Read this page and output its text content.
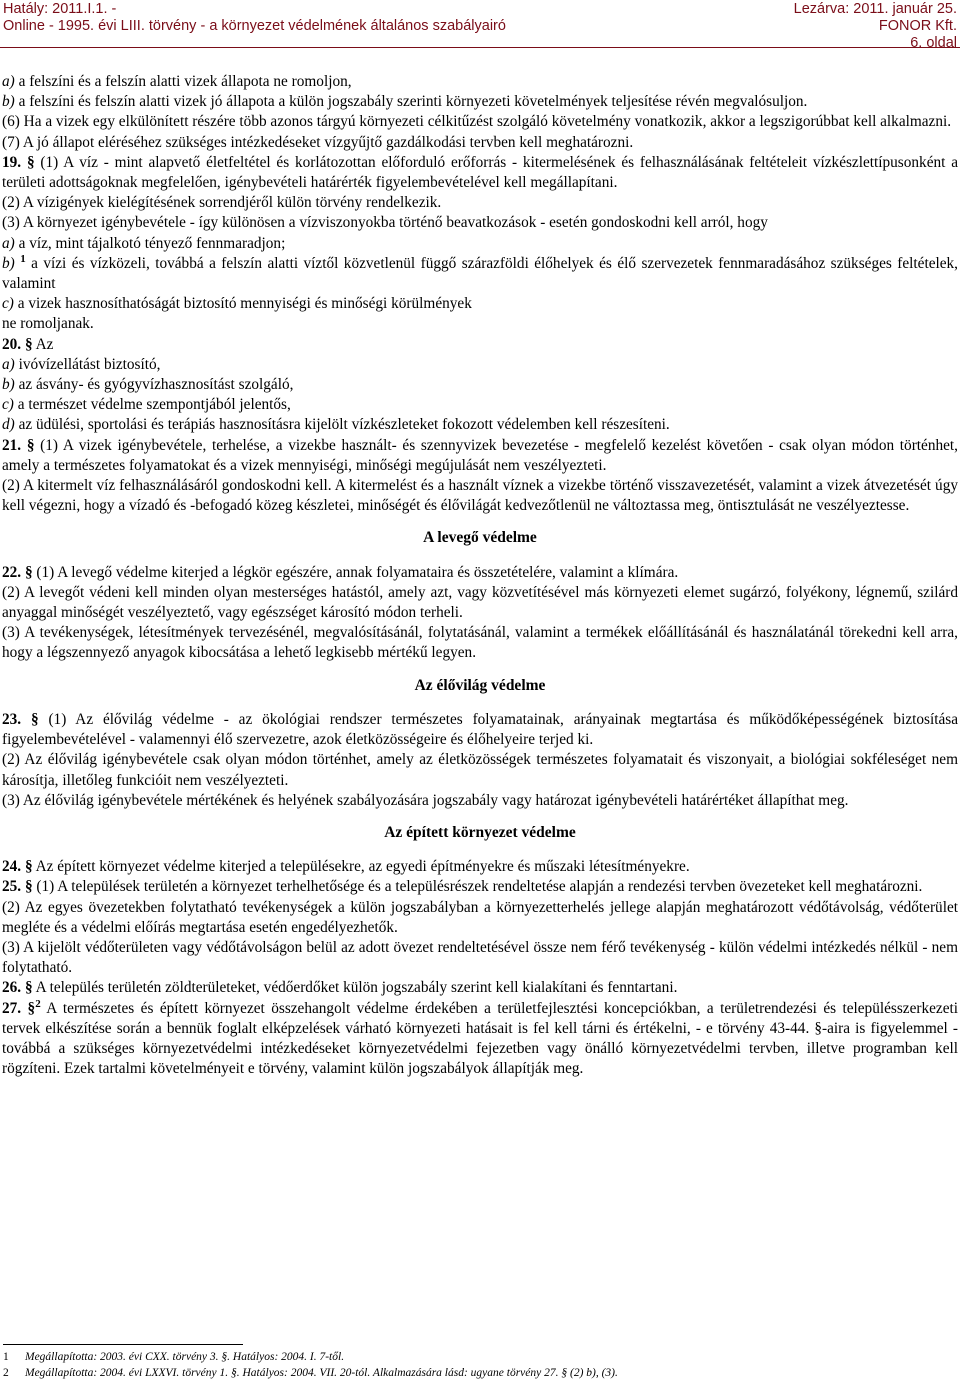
Hatály: 2011.I.1. -
Online - 1995. évi LIII. törvény - a környezet védelmének általános szabályairó
Lezárva: 2011. január 25.
FONOR Kft.
6. oldal

a) a felszíni és a felszín alatti vizek állapota ne romoljon,

b) a felszíni és felszín alatti vizek jó állapota a külön jogszabály szerinti környezeti követelmények teljesítése révén megvalósuljon.

(6) Ha a vizek egy elkülönített részére több azonos tárgyú környezeti célkitűzést szolgáló követelmény vonatkozik, akkor a legszigorúbbat kell alkalmazni.

(7) A jó állapot eléréséhez szükséges intézkedéseket vízgyűjtő gazdálkodási tervben kell meghatározni.

19. § (1) A víz - mint alapvető életfeltétel és korlátozottan előforduló erőforrás - kitermelésének és felhasználásának feltételeit vízkészlettípusonként a területi adottságoknak megfelelően, igénybevételi határérték figyelembevételével kell megállapítani.

(2) A vízigények kielégítésének sorrendjéről külön törvény rendelkezik.

(3) A környezet igénybevétele - így különösen a vízviszonyokba történő beavatkozások - esetén gondoskodni kell arról, hogy

a) a víz, mint tájalkotó tényező fennmaradjon;

b) $^1$ a vízi és vízközeli, továbbá a felszín alatti víztől közvetlenül függő szárazföldi élőhelyek és élő szervezetek fennmaradásához szükséges feltételek, valamint

c) a vizek hasznosíthatóságát biztosító mennyiségi és minőségi körülmények

ne romoljanak.

20. § Az

a) ivóvízellátást biztosító,

b) az ásvány- és gyógyvízhasznosítást szolgáló,

c) a természet védelme szempontjából jelentős,

d) az üdülési, sportolási és terápiás hasznosításra kijelölt vízkészleteket fokozott védelemben kell részesíteni.

21. § (1) A vizek igénybevétele, terhelése, a vizekbe használt- és szennyvizek bevezetése - megfelelő kezelést követően - csak olyan módon történhet, amely a természetes folyamatokat és a vizek mennyiségi, minőségi megújulását nem veszélyezteti.

(2) A kitermelt víz felhasználásáról gondoskodni kell. A kitermelést és a használt víznek a vizekbe történő visszavezetését, valamint a vizek átvezetését úgy kell végezni, hogy a vízadó és -befogadó közeg készletei, minőségét és élővilágát kedvezőtlenül ne változtassa meg, öntisztulását ne veszélyeztesse.

A levegő védelme

22. § (1) A levegő védelme kiterjed a légkör egészére, annak folyamataira és összetételére, valamint a klímára.

(2) A levegőt védeni kell minden olyan mesterséges hatástól, amely azt, vagy közvetítésével más környezeti elemet sugárzó, folyékony, légnemű, szilárd anyaggal minőségét veszélyeztető, vagy egészséget károsító módon terheli.

(3) A tevékenységek, létesítmények tervezésénél, megvalósításánál, folytatásánál, valamint a termékek előállításánál és használatánál törekedni kell arra, hogy a légszennyező anyagok kibocsátása a lehető legkisebb mértékű legyen.

Az élővilág védelme

23. § (1) Az élővilág védelme - az ökológiai rendszer természetes folyamatainak, arányainak megtartása és működőképességének biztosítása figyelembevételével - valamennyi élő szervezetre, azok életközösségeire és élőhelyeire terjed ki.

(2) Az élővilág igénybevétele csak olyan módon történhet, amely az életközösségek természetes folyamatait és viszonyait, a biológiai sokféleséget nem károsítja, illetőleg funkcióit nem veszélyezteti.

(3) Az élővilág igénybevétele mértékének és helyének szabályozására jogszabály vagy határozat igénybevételi határértéket állapíthat meg.

Az épített környezet védelme

24. § Az épített környezet védelme kiterjed a településekre, az egyedi építményekre és műszaki létesítményekre.

25. § (1) A települések területén a környezet terhelhetősége és a településrészek rendeltetése alapján a rendezési tervben övezeteket kell meghatározni.

(2) Az egyes övezetekben folytatható tevékenységek a külön jogszabályban a környezetterhelés jellege alapján meghatározott védőtávolság, védőterület megléte és a védelmi előírás megtartása esetén engedélyezhetők.

(3) A kijelölt védőterületen vagy védőtávolságon belül az adott övezet rendeltetésével össze nem férő tevékenység - külön védelmi intézkedés nélkül - nem folytatható.

26. § A település területén zöldterületeket, védőerdőket külön jogszabály szerint kell kialakítani és fenntartani.

27. §$^2$ A természetes és épített környezet összehangolt védelme érdekében a területfejlesztési koncepciókban, a területrendezési és településszerkezeti tervek elkészítése során a bennük foglalt elképzelések várható környezeti hatásait is fel kell tárni és értékelni, - e törvény 43-44. §-aira is figyelemmel - továbbá a szükséges környezetvédelmi intézkedéseket környezetvédelmi fejezetben vagy önálló környezetvédelmi tervben, illetve programban kell rögzíteni. Ezek tartalmi követelményeit e törvény, valamint külön jogszabályok állapítják meg.

1 Megállapította: 2003. évi CXX. törvény 3. §. Hatályos: 2004. I. 7-től.
2 Megállapította: 2004. évi LXXVI. törvény 1. §. Hatályos: 2004. VII. 20-tól. Alkalmazására lásd: ugyane törvény 27. § (2) b), (3).
